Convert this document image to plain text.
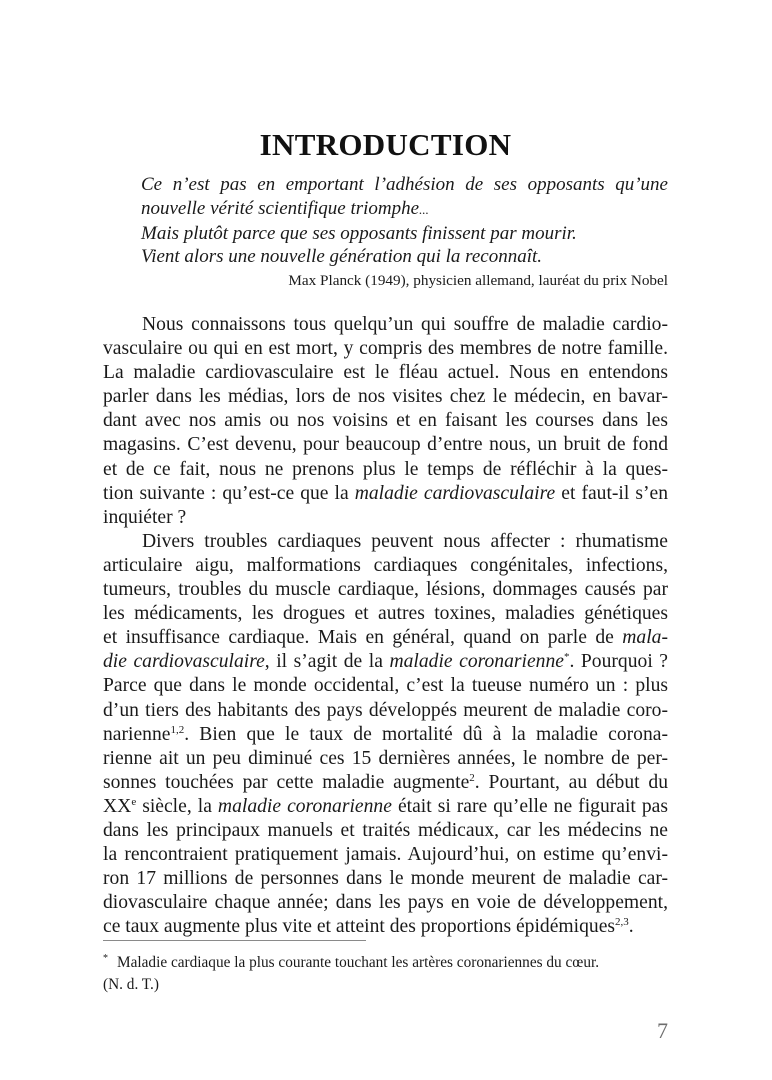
INTRODUCTION
Ce n’est pas en emportant l’adhésion de ses opposants qu’une
nouvelle vérité scientifique triomphe...
Mais plutôt parce que ses opposants finissent par mourir.
Vient alors une nouvelle génération qui la reconnaît.
Max Planck (1949), physicien allemand, lauréat du prix Nobel
Nous connaissons tous quelqu’un qui souffre de maladie cardio-
vasculaire ou qui en est mort, y compris des membres de notre famille.
La maladie cardiovasculaire est le fléau actuel. Nous en entendons
parler dans les médias, lors de nos visites chez le médecin, en bavar-
dant avec nos amis ou nos voisins et en faisant les courses dans les
magasins. C’est devenu, pour beaucoup d’entre nous, un bruit de fond
et de ce fait, nous ne prenons plus le temps de réfléchir à la ques-
tion suivante : qu’est-ce que la maladie cardiovasculaire et faut-il s’en
inquiéter ?
Divers troubles cardiaques peuvent nous affecter : rhumatisme
articulaire aigu, malformations cardiaques congénitales, infections,
tumeurs, troubles du muscle cardiaque, lésions, dommages causés par
les médicaments, les drogues et autres toxines, maladies génétiques
et insuffisance cardiaque. Mais en général, quand on parle de mala-
die cardiovasculaire, il s’agit de la maladie coronarienne*. Pourquoi ?
Parce que dans le monde occidental, c’est la tueuse numéro un : plus
d’un tiers des habitants des pays développés meurent de maladie coro-
narienne$^{1,2}$. Bien que le taux de mortalité dû à la maladie corona-
rienne ait un peu diminué ces 15 dernières années, le nombre de per-
sonnes touchées par cette maladie augmente$^2$. Pourtant, au début du
XXe siècle, la maladie coronarienne était si rare qu’elle ne figurait pas
dans les principaux manuels et traités médicaux, car les médecins ne
la rencontraient pratiquement jamais. Aujourd’hui, on estime qu’envi-
ron 17 millions de personnes dans le monde meurent de maladie car-
diovasculaire chaque année; dans les pays en voie de développement,
ce taux augmente plus vite et atteint des proportions épidémiques$^{2,3}$.
* Maladie cardiaque la plus courante touchant les artères coronariennes du cœur.
(N. d. T.)
7
